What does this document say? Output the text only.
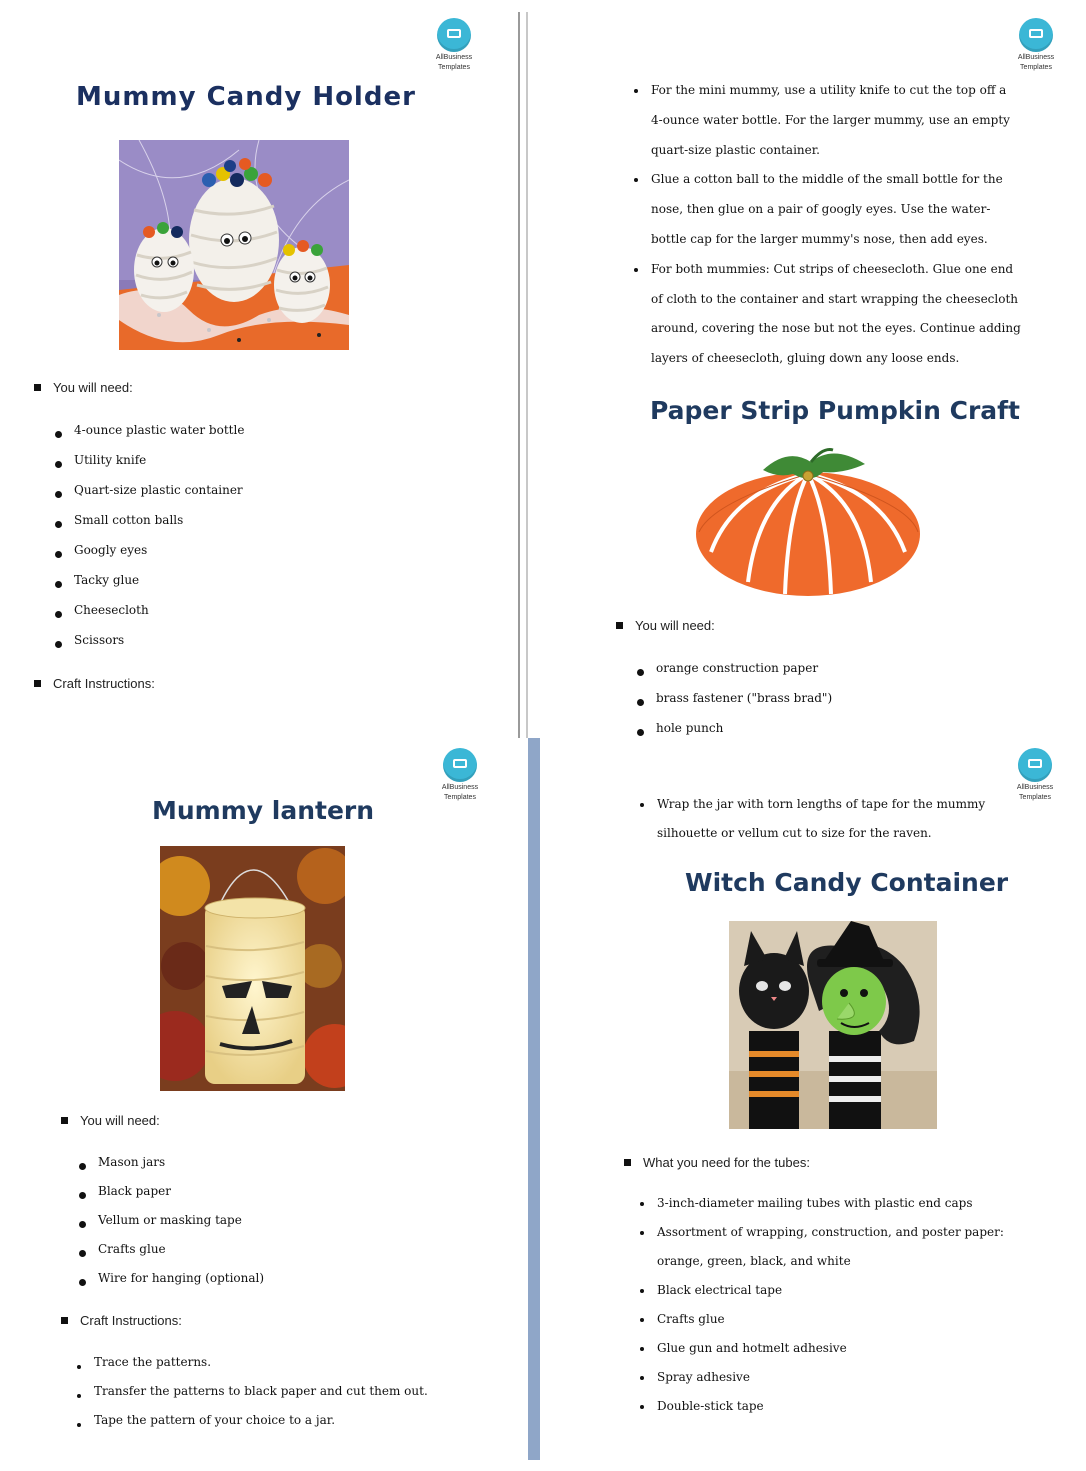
AllBusiness
Templates
Mummy Candy Holder
You will need:
4-ounce plastic water bottle
Utility knife
Quart-size plastic container
Small cotton balls
Googly eyes
Tacky glue
Cheesecloth
Scissors
Craft Instructions:
AllBusiness
Templates
For the mini mummy, use a utility knife to cut the top off a 4-ounce water bottle. For the larger mummy, use an empty quart-size plastic container.
Glue a cotton ball to the middle of the small bottle for the nose, then glue on a pair of googly eyes. Use the water-bottle cap for the larger mummy's nose, then add eyes.
For both mummies: Cut strips of cheesecloth. Glue one end of cloth to the container and start wrapping the cheesecloth around, covering the nose but not the eyes. Continue adding layers of cheesecloth, gluing down any loose ends.
Paper Strip Pumpkin Craft
You will need:
orange construction paper
brass fastener ("brass brad")
hole punch
AllBusiness
Templates
Mummy lantern
You will need:
Mason jars
Black paper
Vellum or masking tape
Crafts glue
Wire for hanging (optional)
Craft Instructions:
Trace the patterns.
Transfer the patterns to black paper and cut them out.
Tape the pattern of your choice to a jar.
AllBusiness
Templates
Wrap the jar with torn lengths of tape for the mummy silhouette or vellum cut to size for the raven.
Witch Candy Container
What you need for the tubes:
3-inch-diameter mailing tubes with plastic end caps
Assortment of wrapping, construction, and poster paper: orange, green, black, and white
Black electrical tape
Crafts glue
Glue gun and hotmelt adhesive
Spray adhesive
Double-stick tape
